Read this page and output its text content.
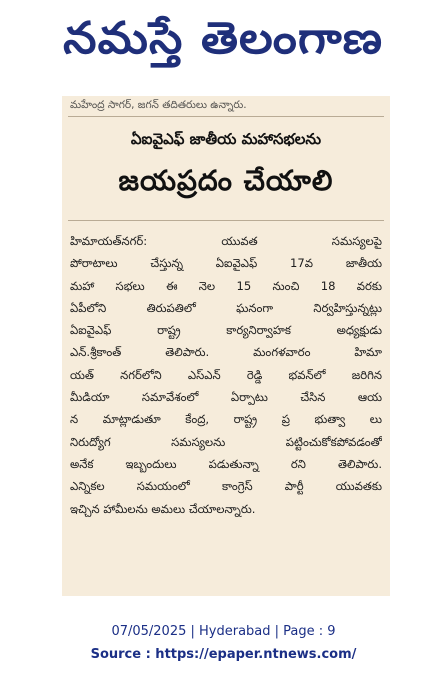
నమస్తే తెలంగాణ
మహేంద్ర సాగర్, జగన్ తదితరులు ఉన్నారు.
ఏఐవైఎఫ్ జాతీయ మహాసభలను
జయప్రదం చేయాలి
హిమాయత్‌నగర్: యువత సమస్యలపై
పోరాటాలు చేస్తున్న ఏఐవైఎఫ్ 17వ జాతీయ
మహా సభలు ఈ నెల 15 నుంచి 18 వరకు
ఏపీలోని తిరుపతిలో ఘనంగా నిర్వహిస్తున్నట్లు
ఏఐవైఎఫ్ రాష్ట్ర కార్యనిర్వాహక అధ్యక్షుడు
ఎన్.శ్రీకాంత్ తెలిపారు. మంగళవారం హిమా
యత్ నగర్‌లోని ఎస్ఎన్ రెడ్డి భవన్‌లో జరిగిన
మీడియా సమావేశంలో ఏర్పాటు చేసిన ఆయ
న మాట్లాడుతూ కేంద్ర, రాష్ట్ర ప్ర భుత్వా లు
నిరుద్యోగ సమస్యలను పట్టించుకోకపోవడంతో
అనేక ఇబ్బందులు పడుతున్నా రని తెలిపారు.
ఎన్నికల సమయంలో కాంగ్రెస్ పార్టీ యువతకు
ఇచ్చిన హామీలను అమలు చేయాలన్నారు.
07/05/2025 | Hyderabad | Page : 9
Source : https://epaper.ntnews.com/
